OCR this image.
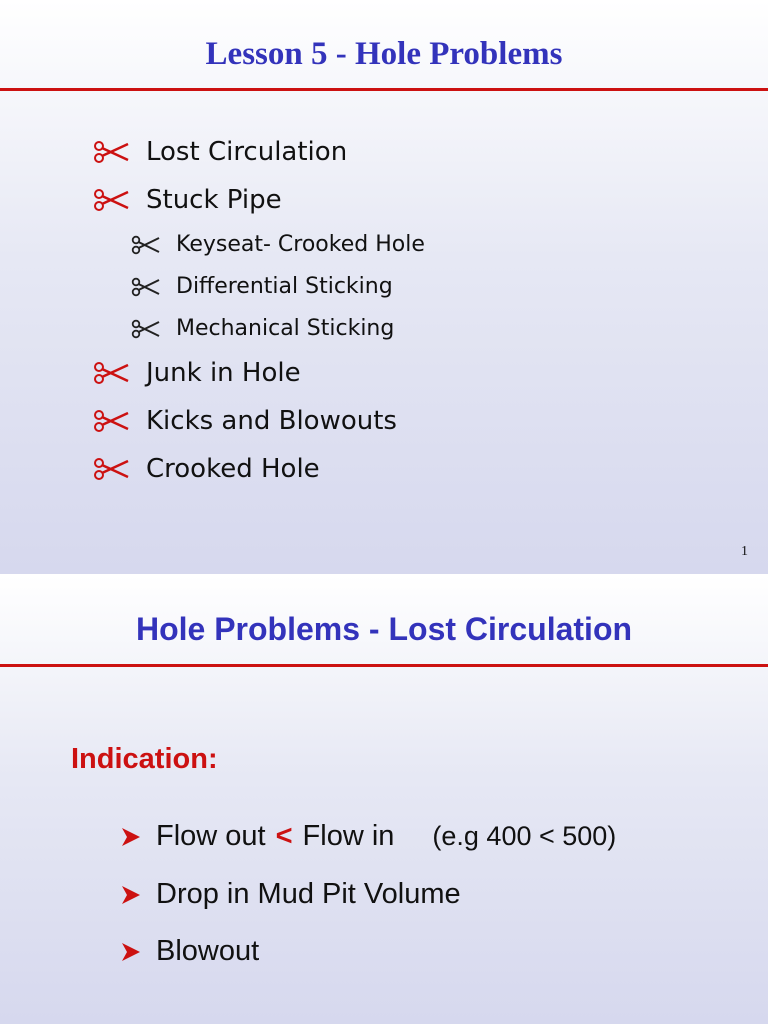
Lesson 5 - Hole Problems
Lost Circulation
Stuck Pipe
Keyseat- Crooked Hole
Differential Sticking
Mechanical Sticking
Junk in Hole
Kicks and Blowouts
Crooked Hole
1
Hole Problems - Lost Circulation
Indication:
Flow out < Flow in (e.g 400 < 500)
Drop in Mud Pit Volume
Blowout
